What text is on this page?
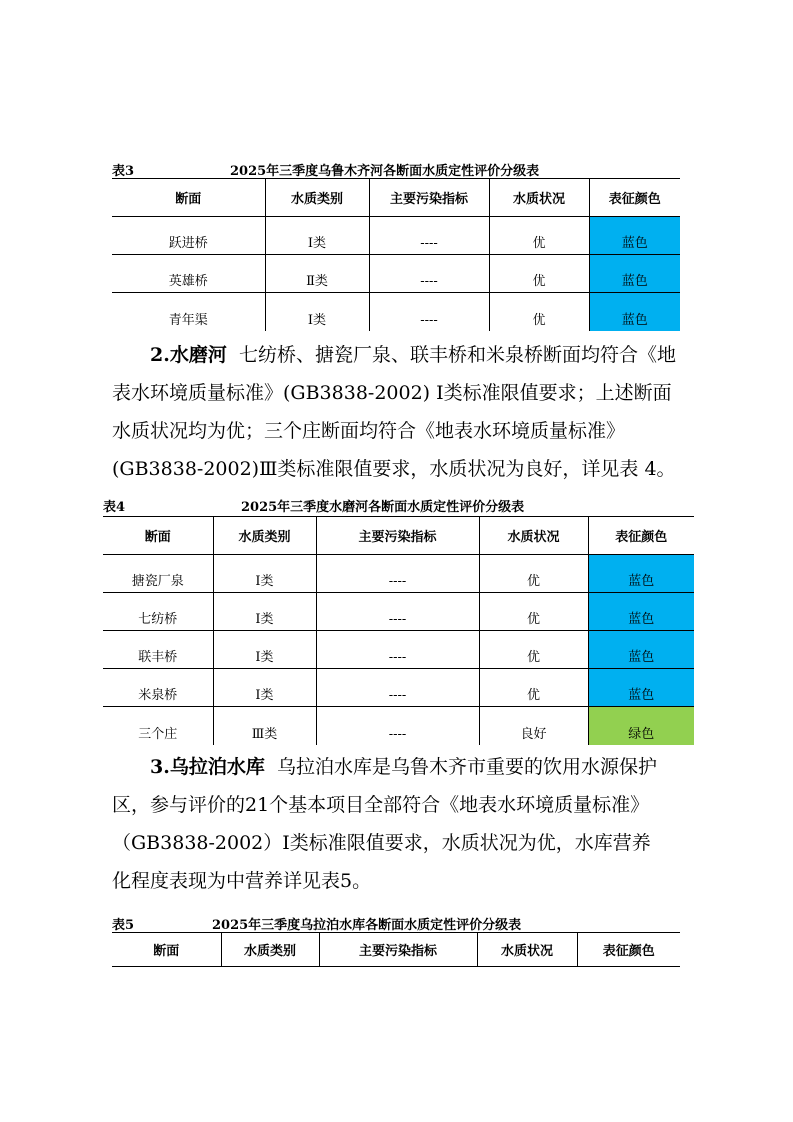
表3	2025年三季度乌鲁木齐河各断面水质定性评价分级表
断面	水质类别	主要污染指标	水质状况	表征颜色
跃进桥	Ⅰ类	----	优	蓝色
英雄桥	Ⅱ类	----	优	蓝色
青年渠	Ⅰ类	----	优	蓝色
2.水磨河 七纺桥、搪瓷厂泉、联丰桥和米泉桥断面均符合《地
表水环境质量标准》(GB3838-2002) Ⅰ类标准限值要求；上述断面
水质状况均为优；三个庄断面均符合《地表水环境质量标准》
(GB3838-2002)Ⅲ类标准限值要求，水质状况为良好，详见表 4。
表4	2025年三季度水磨河各断面水质定性评价分级表
断面	水质类别	主要污染指标	水质状况	表征颜色
搪瓷厂泉	Ⅰ类	----	优	蓝色
七纺桥	Ⅰ类	----	优	蓝色
联丰桥	Ⅰ类	----	优	蓝色
米泉桥	Ⅰ类	----	优	蓝色
三个庄	Ⅲ类	----	良好	绿色
3.乌拉泊水库 乌拉泊水库是乌鲁木齐市重要的饮用水源保护
区，参与评价的21个基本项目全部符合《地表水环境质量标准》
（GB3838-2002）Ⅰ类标准限值要求，水质状况为优，水库营养
化程度表现为中营养详见表5。
表5	2025年三季度乌拉泊水库各断面水质定性评价分级表
断面	水质类别	主要污染指标	水质状况	表征颜色
